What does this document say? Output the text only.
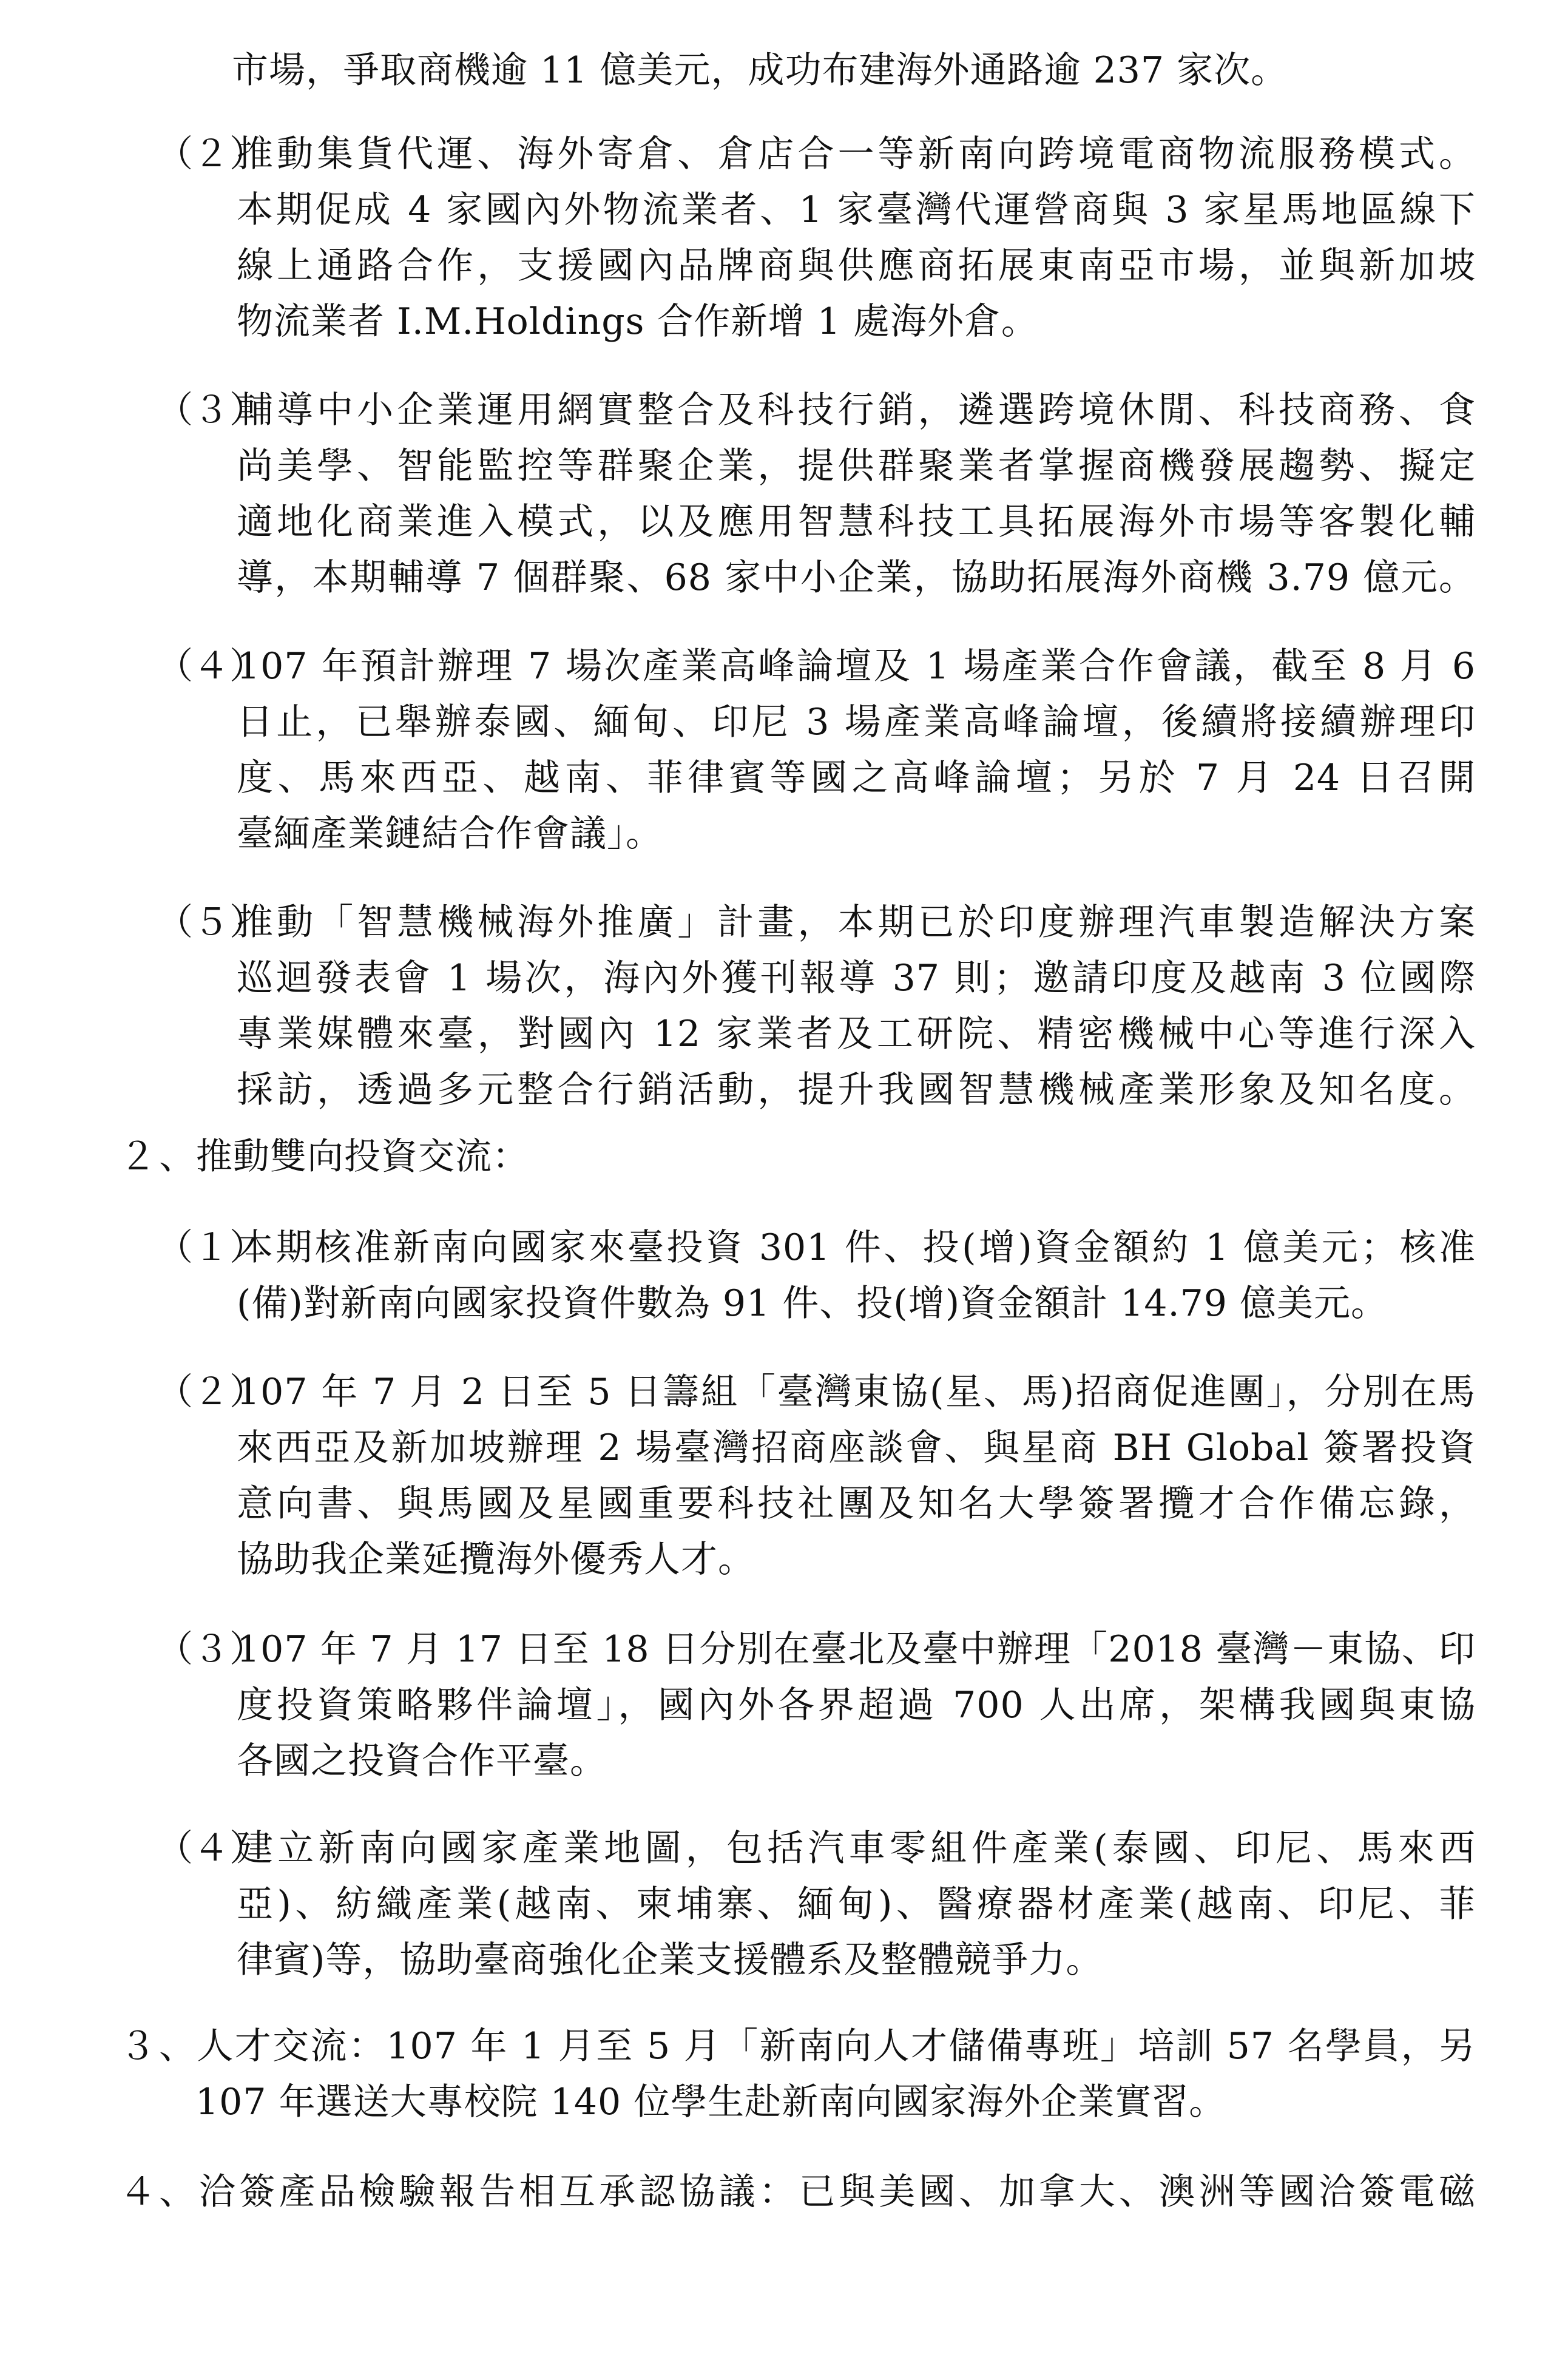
市場，爭取商機逾 11 億美元，成功布建海外通路逾 237 家次。
（２）
推動集貨代運、海外寄倉、倉店合一等新南向跨境電商物流服務模式。
本期促成 4 家國內外物流業者、1 家臺灣代運營商與 3 家星馬地區線下
線上通路合作，支援國內品牌商與供應商拓展東南亞市場，並與新加坡
物流業者 I.M.Holdings 合作新增 1 處海外倉。
（３）
輔導中小企業運用網實整合及科技行銷，遴選跨境休閒、科技商務、食
尚美學、智能監控等群聚企業，提供群聚業者掌握商機發展趨勢、擬定
適地化商業進入模式，以及應用智慧科技工具拓展海外市場等客製化輔
導，本期輔導 7 個群聚、68 家中小企業，協助拓展海外商機 3.79 億元。
（４）
107 年預計辦理 7 場次產業高峰論壇及 1 場產業合作會議，截至 8 月 6
日止，已舉辦泰國、緬甸、印尼 3 場產業高峰論壇，後續將接續辦理印
度、馬來西亞、越南、菲律賓等國之高峰論壇；另於 7 月 24 日召開
臺緬產業鏈結合作會議」。
（５）
推動「智慧機械海外推廣」計畫，本期已於印度辦理汽車製造解決方案
巡迴發表會 1 場次，海內外獲刊報導 37 則；邀請印度及越南 3 位國際
專業媒體來臺，對國內 12 家業者及工研院、精密機械中心等進行深入
採訪，透過多元整合行銷活動，提升我國智慧機械產業形象及知名度。
２ 、推動雙向投資交流：
（１）
本期核准新南向國家來臺投資 301 件、投(增)資金額約 1 億美元；核准
(備)對新南向國家投資件數為 91 件、投(增)資金額計 14.79 億美元。
（２）
107 年 7 月 2 日至 5 日籌組「臺灣東協(星、馬)招商促進團」，分別在馬
來西亞及新加坡辦理 2 場臺灣招商座談會、與星商 BH Global 簽署投資
意向書、與馬國及星國重要科技社團及知名大學簽署攬才合作備忘錄，
協助我企業延攬海外優秀人才。
（３）
107 年 7 月 17 日至 18 日分別在臺北及臺中辦理「2018 臺灣－東協、印
度投資策略夥伴論壇」，國內外各界超過 700 人出席，架構我國與東協
各國之投資合作平臺。
（４）
建立新南向國家產業地圖，包括汽車零組件產業(泰國、印尼、馬來西
亞)、紡織產業(越南、柬埔寨、緬甸)、醫療器材產業(越南、印尼、菲
律賓)等，協助臺商強化企業支援體系及整體競爭力。
３ 、人才交流：107 年 1 月至 5 月「新南向人才儲備專班」培訓 57 名學員，另
107 年選送大專校院 140 位學生赴新南向國家海外企業實習。
４ 、洽簽產品檢驗報告相互承認協議：已與美國、加拿大、澳洲等國洽簽電磁
